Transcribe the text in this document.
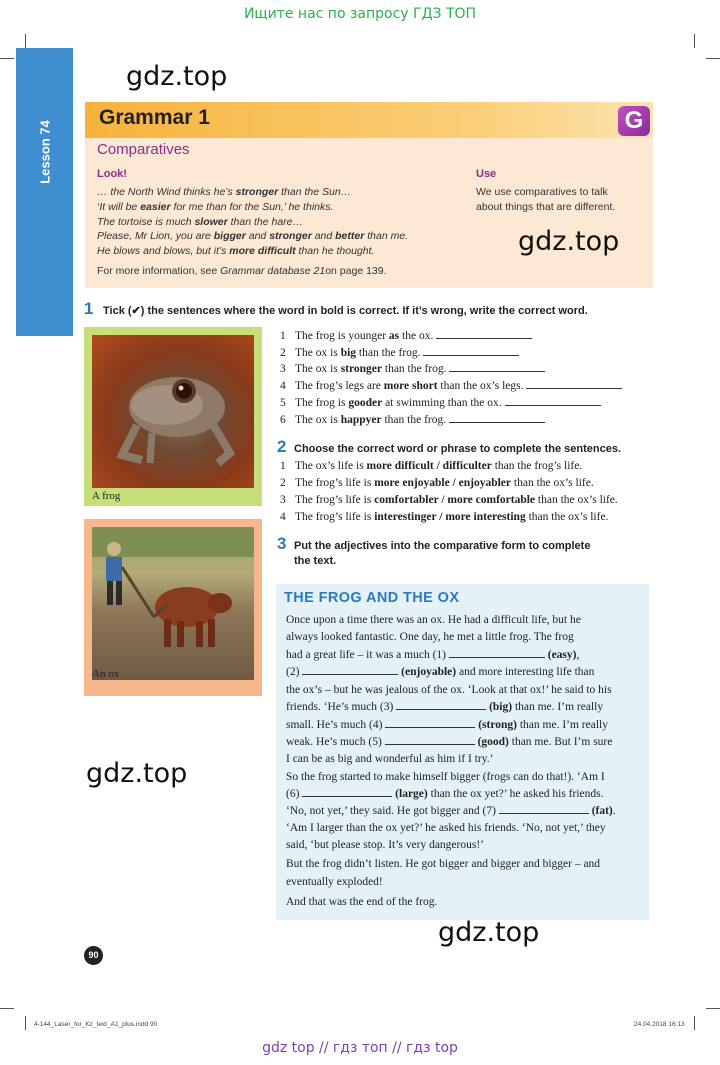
Ищите нас по запросу ГДЗ ТОП
Lesson 74
gdz.top
Grammar 1	G
Comparatives
Look!	Use
… the North Wind thinks he’s stronger than the Sun…
‘It will be easier for me than for the Sun,’ he thinks.
The tortoise is much slower than the hare…
Please, Mr Lion, you are bigger and stronger and better than me.
He blows and blows, but it’s more difficult than he thought.
We use comparatives to talk
about things that are different.
gdz.top
For more information, see Grammar database 21on page 139.
1 Tick (✔) the sentences where the word in bold is correct. If it’s wrong, write the correct word.
A frog
1 The frog is younger as the ox.
2 The ox is big than the frog.
3 The ox is stronger than the frog.
4 The frog’s legs are more short than the ox’s legs.
5 The frog is gooder at swimming than the ox.
6 The ox is happyer than the frog.
2 Choose the correct word or phrase to complete the sentences.
1 The ox’s life is more difficult / difficulter than the frog’s life.
2 The frog’s life is more enjoyable / enjoyabler than the ox’s life.
3 The frog’s life is comfortabler / more comfortable than the ox’s life.
4 The frog’s life is interestinger / more interesting than the ox’s life.
An ox
3 Put the adjectives into the comparative form to complete
the text.
THE FROG AND THE OX
Once upon a time there was an ox. He had a difficult life, but he
always looked fantastic. One day, he met a little frog. The frog
had a great life – it was a much (1)	(easy),
(2)	(enjoyable) and more interesting life than
the ox’s – but he was jealous of the ox. ‘Look at that ox!’ he said to his
friends. ‘He’s much (3)	(big) than me. I’m really
small. He’s much (4)	(strong) than me. I’m really
weak. He’s much (5)	(good) than me. But I’m sure
I can be as big and wonderful as him if I try.’
So the frog started to make himself bigger (frogs can do that!). ‘Am I
(6)	(large) than the ox yet?’ he asked his friends.
‘No, not yet,’ they said. He got bigger and (7)	(fat).
‘Am I larger than the ox yet?’ he asked his friends. ‘No, not yet,’ they
said, ‘but please stop. It’s very dangerous!’
But the frog didn’t listen. He got bigger and bigger and bigger – and
eventually exploded!
And that was the end of the frog.
gdz.top
gdz.top
90
4-144_Laser_for_Kz_text_A1_plus.indd 90	24.04.2018 16:13
gdz top // гдз топ // гдз top
